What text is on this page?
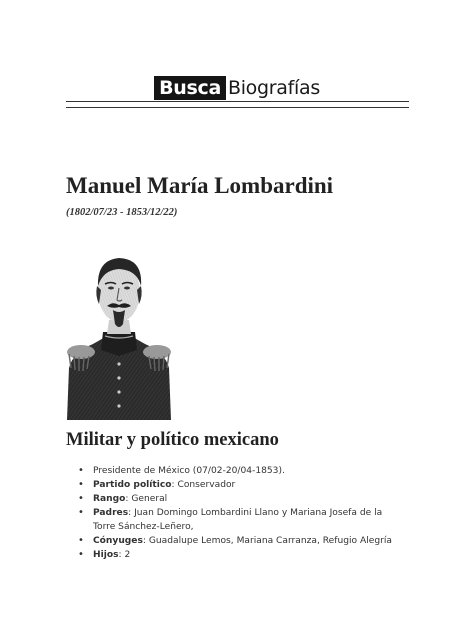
Busca Biografías
Manuel María Lombardini
(1802/07/23 - 1853/12/22)
Militar y político mexicano
• Presidente de México (07/02-20/04-1853).
• Partido político: Conservador
• Rango: General
• Padres: Juan Domingo Lombardini Llano y Mariana Josefa de la Torre Sánchez-Leñero,
• Cónyuges: Guadalupe Lemos, Mariana Carranza, Refugio Alegría
• Hijos: 2
